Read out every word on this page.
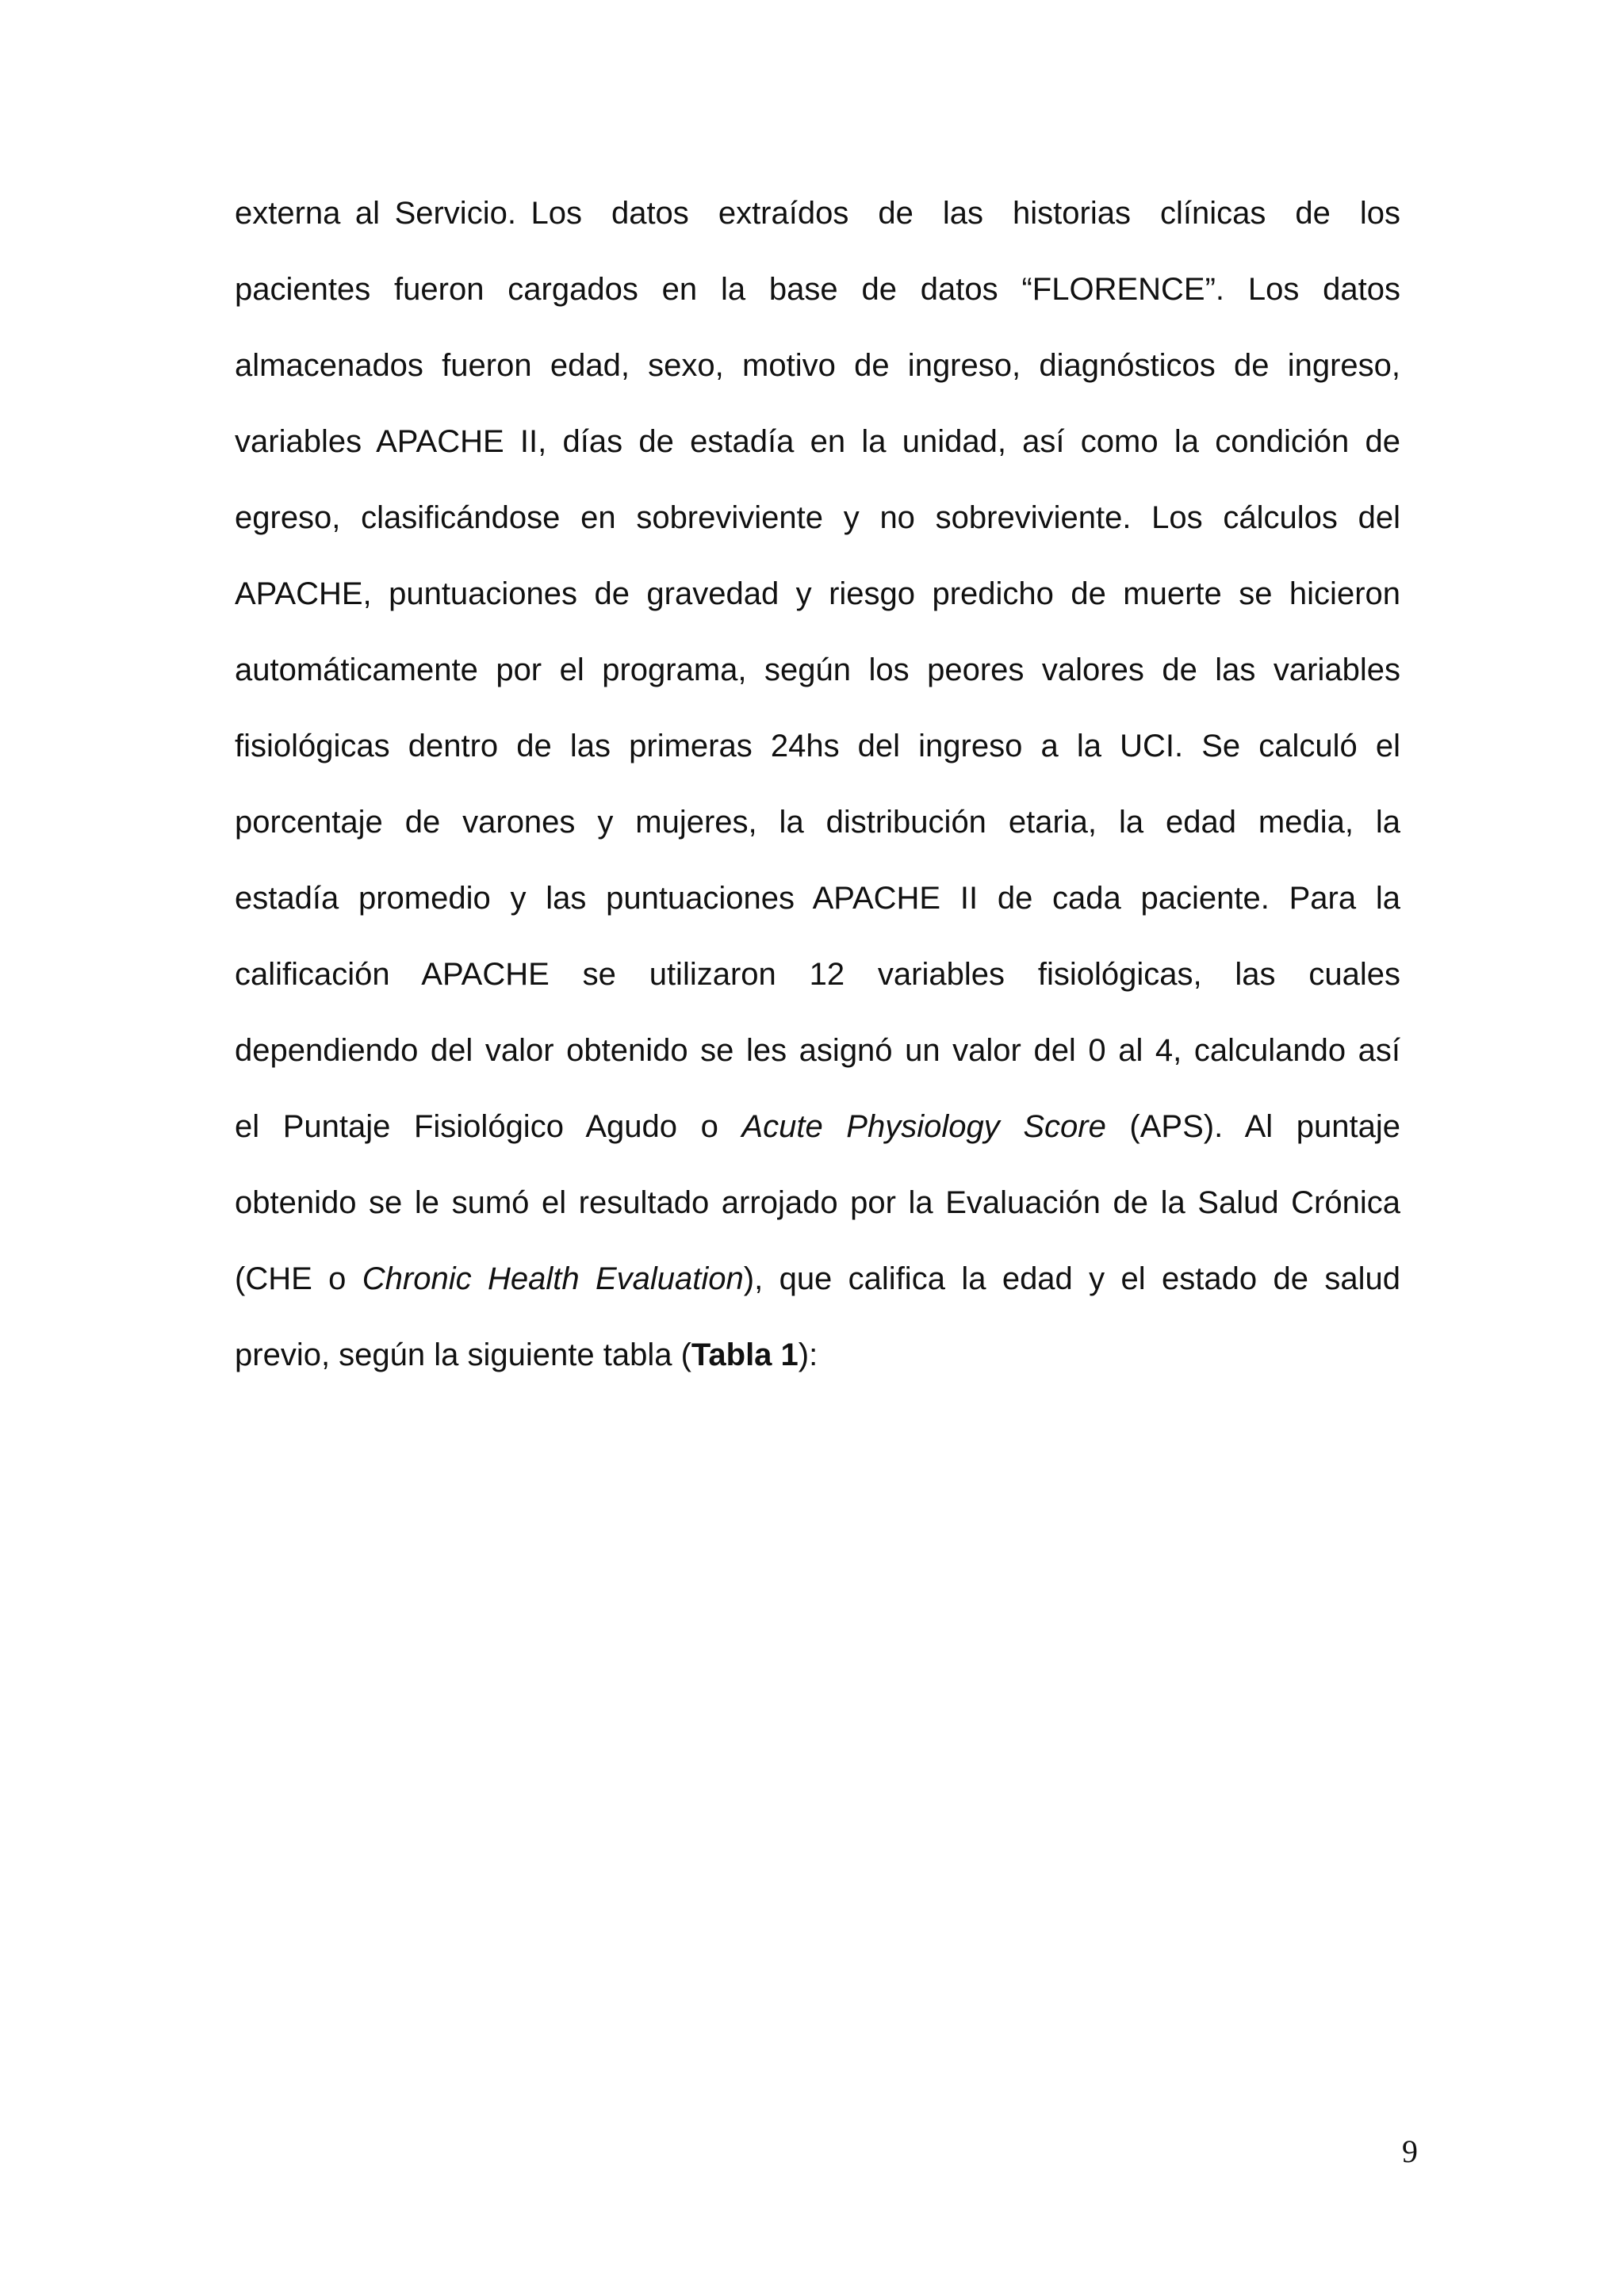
externa al Servicio. Los  datos  extraídos  de  las  historias  clínicas  de  los
pacientes fueron cargados en la base de datos “FLORENCE”. Los datos
almacenados fueron edad, sexo, motivo de ingreso, diagnósticos de ingreso,
variables APACHE II, días de estadía en la unidad, así como la condición de
egreso, clasificándose en sobreviviente y no sobreviviente. Los cálculos del
APACHE, puntuaciones de gravedad y riesgo predicho de muerte se hicieron
automáticamente por el programa, según los peores valores de las variables
fisiológicas dentro de las primeras 24hs del ingreso a la UCI. Se calculó el
porcentaje de varones y mujeres, la distribución etaria, la edad media, la
estadía promedio y las puntuaciones APACHE II de cada paciente. Para la
calificación APACHE se utilizaron 12 variables fisiológicas, las cuales
dependiendo del valor obtenido se les asignó un valor del 0 al 4, calculando así
el Puntaje Fisiológico Agudo o Acute Physiology Score (APS). Al puntaje
obtenido se le sumó el resultado arrojado por la Evaluación de la Salud Crónica
(CHE o Chronic Health Evaluation), que califica la edad y el estado de salud
previo, según la siguiente tabla (Tabla 1):
9
